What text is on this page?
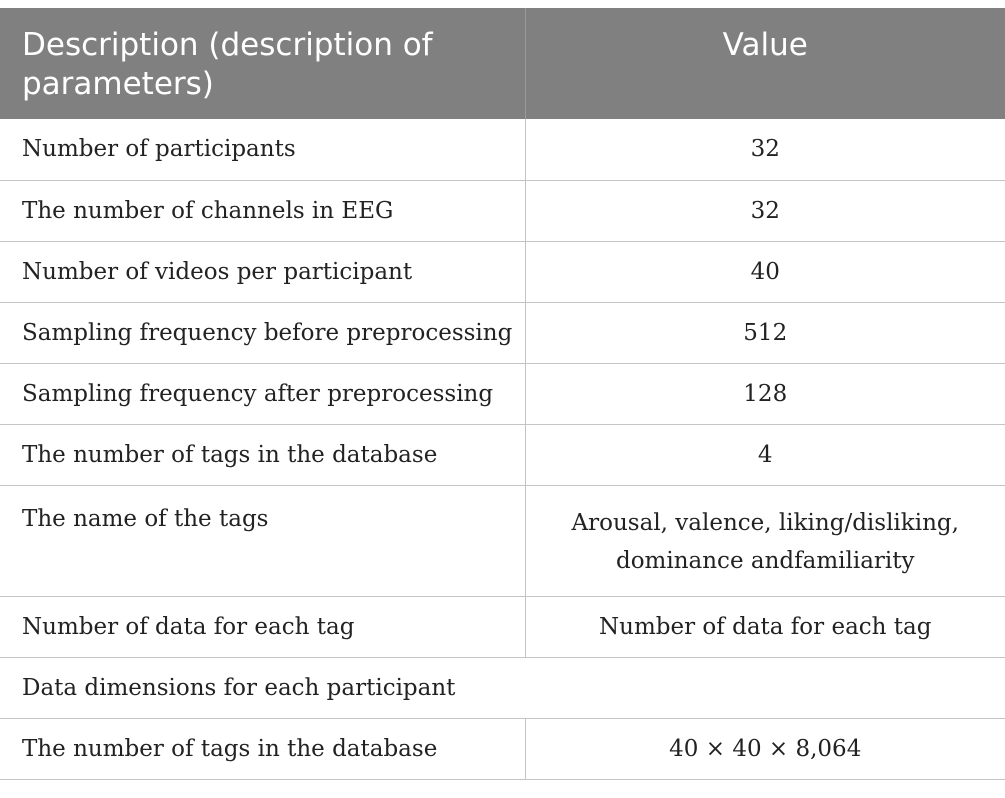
Description (description of parameters)	Value
Number of participants	32
The number of channels in EEG	32
Number of videos per participant	40
Sampling frequency before preprocessing	512
Sampling frequency after preprocessing	128
The number of tags in the database	4
The name of the tags	Arousal, valence, liking/disliking,
dominance andfamiliarity

Number of data for each tag	Number of data for each tag
Data dimensions for each participant	
The number of tags in the database	40 × 40 × 8,064
